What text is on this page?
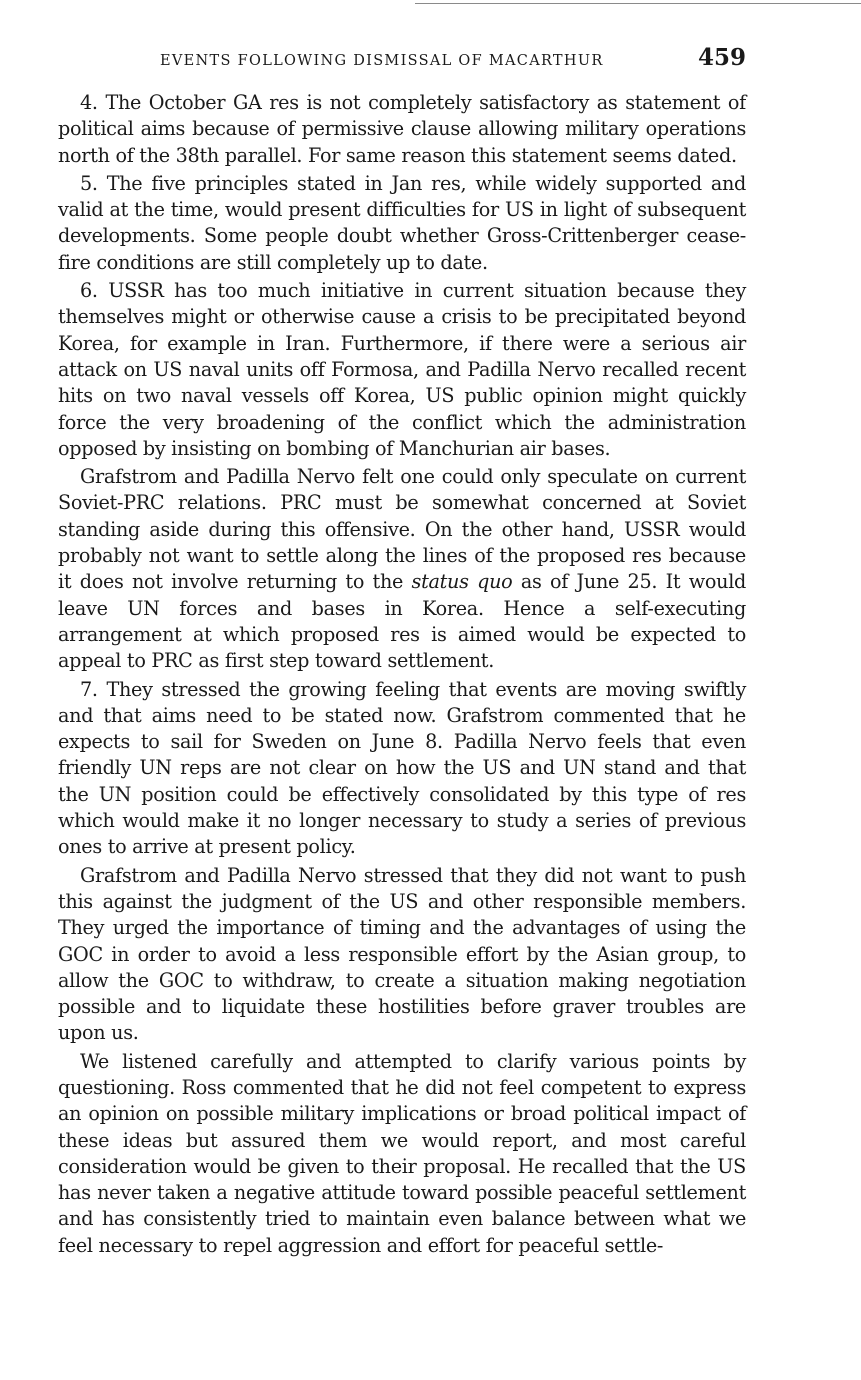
EVENTS FOLLOWING DISMISSAL OF MACARTHUR	459

4. The October GA res is not completely satisfactory as statement of political aims because of permissive clause allowing military operations north of the 38th parallel. For same reason this statement seems dated.

5. The five principles stated in Jan res, while widely supported and valid at the time, would present difficulties for US in light of subsequent developments. Some people doubt whether Gross-Crittenberger cease-fire conditions are still completely up to date.

6. USSR has too much initiative in current situation because they themselves might or otherwise cause a crisis to be precipitated beyond Korea, for example in Iran. Furthermore, if there were a serious air attack on US naval units off Formosa, and Padilla Nervo recalled recent hits on two naval vessels off Korea, US public opinion might quickly force the very broadening of the conflict which the administration opposed by insisting on bombing of Manchurian air bases.

Grafstrom and Padilla Nervo felt one could only speculate on current Soviet-PRC relations. PRC must be somewhat concerned at Soviet standing aside during this offensive. On the other hand, USSR would probably not want to settle along the lines of the proposed res because it does not involve returning to the status quo as of June 25. It would leave UN forces and bases in Korea. Hence a self-executing arrangement at which proposed res is aimed would be expected to appeal to PRC as first step toward settlement.

7. They stressed the growing feeling that events are moving swiftly and that aims need to be stated now. Grafstrom commented that he expects to sail for Sweden on June 8. Padilla Nervo feels that even friendly UN reps are not clear on how the US and UN stand and that the UN position could be effectively consolidated by this type of res which would make it no longer necessary to study a series of previous ones to arrive at present policy.

Grafstrom and Padilla Nervo stressed that they did not want to push this against the judgment of the US and other responsible members. They urged the importance of timing and the advantages of using the GOC in order to avoid a less responsible effort by the Asian group, to allow the GOC to withdraw, to create a situation making negotiation possible and to liquidate these hostilities before graver troubles are upon us.

We listened carefully and attempted to clarify various points by questioning. Ross commented that he did not feel competent to express an opinion on possible military implications or broad political impact of these ideas but assured them we would report, and most careful consideration would be given to their proposal. He recalled that the US has never taken a negative attitude toward possible peaceful settlement and has consistently tried to maintain even balance between what we feel necessary to repel aggression and effort for peaceful settle-
